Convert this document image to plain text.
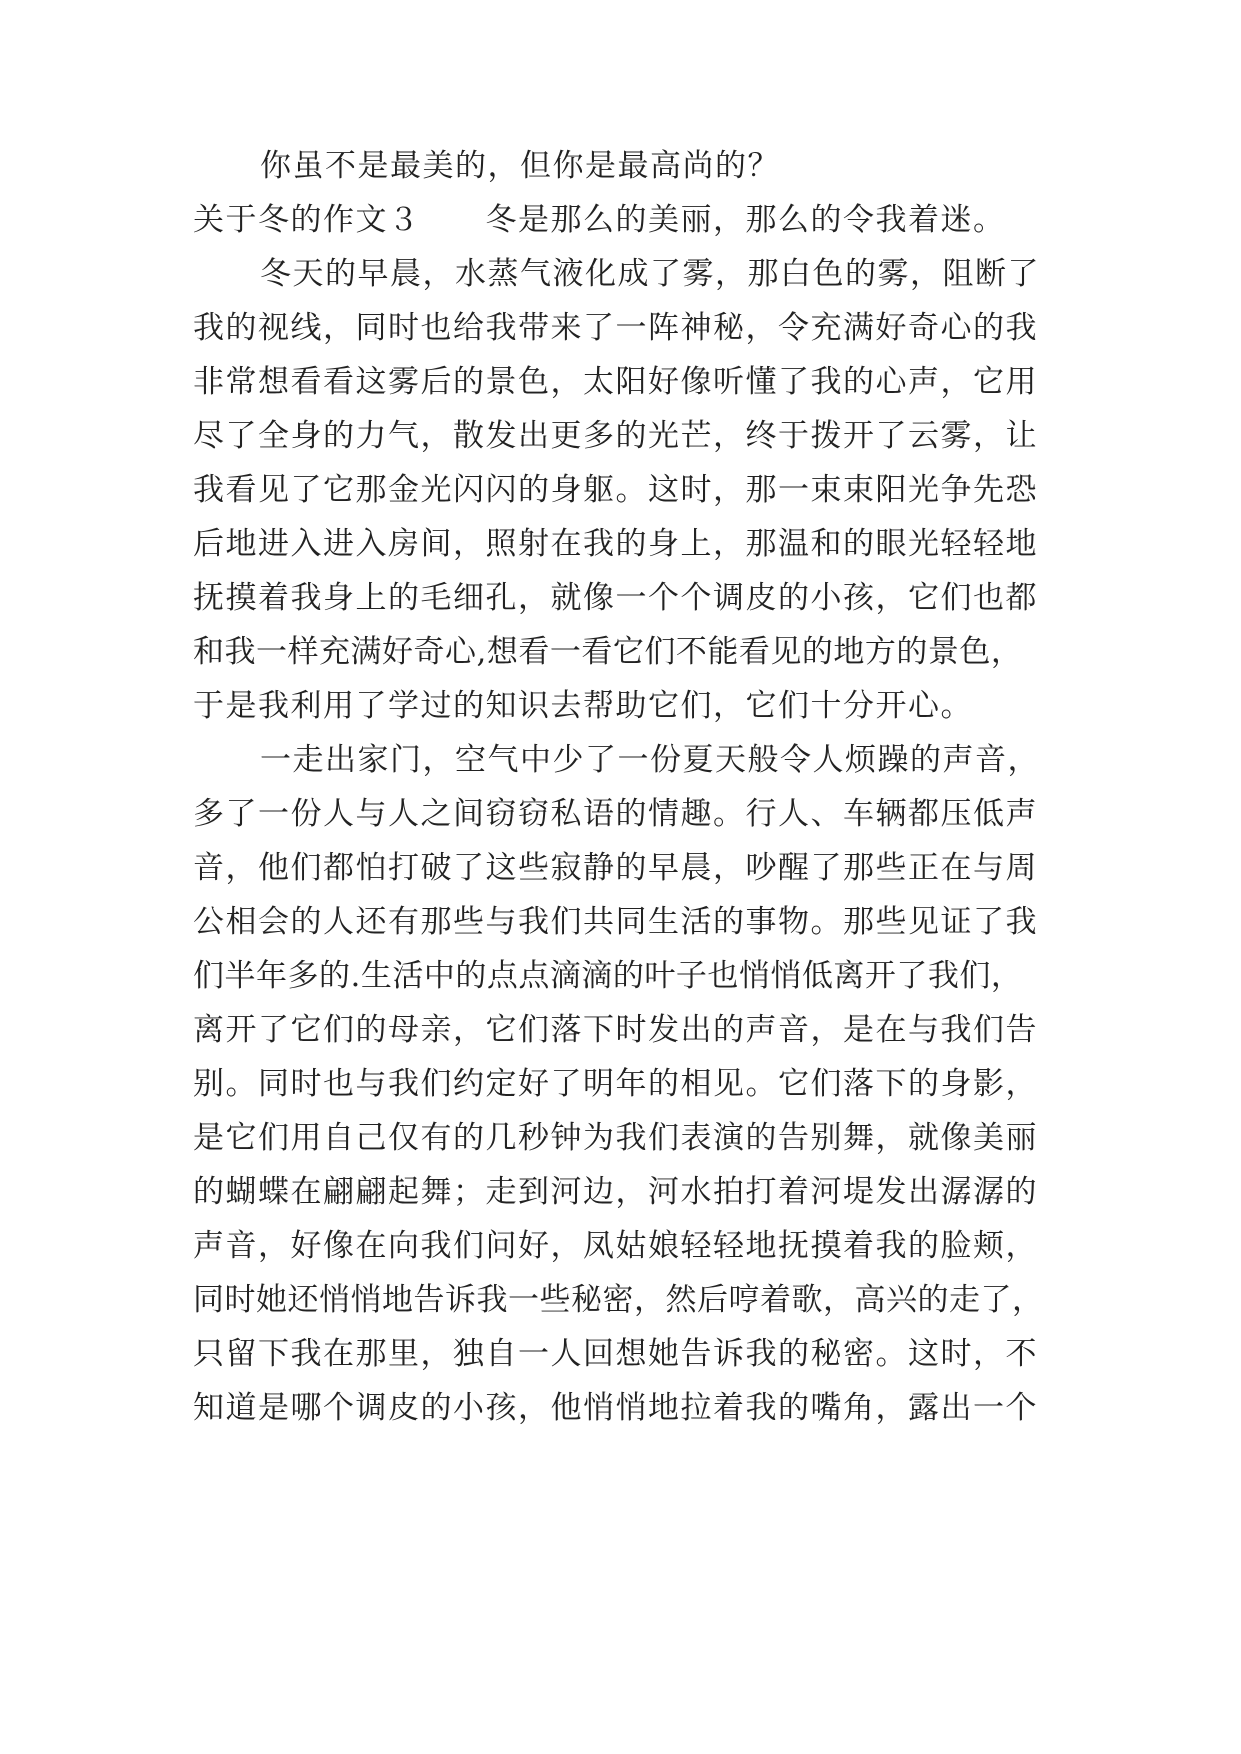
你虽不是最美的，但你是最高尚的？
关于冬的作文３　　冬是那么的美丽，那么的令我着迷。
冬天的早晨，水蒸气液化成了雾，那白色的雾，阻断了
我的视线，同时也给我带来了一阵神秘，令充满好奇心的我
非常想看看这雾后的景色，太阳好像听懂了我的心声，它用
尽了全身的力气，散发出更多的光芒，终于拨开了云雾，让
我看见了它那金光闪闪的身躯。这时，那一束束阳光争先恐
后地进入进入房间，照射在我的身上，那温和的眼光轻轻地
抚摸着我身上的毛细孔，就像一个个调皮的小孩，它们也都
和我一样充满好奇心,想看一看它们不能看见的地方的景色，
于是我利用了学过的知识去帮助它们，它们十分开心。
一走出家门，空气中少了一份夏天般令人烦躁的声音，
多了一份人与人之间窃窃私语的情趣。行人、车辆都压低声
音，他们都怕打破了这些寂静的早晨，吵醒了那些正在与周
公相会的人还有那些与我们共同生活的事物。那些见证了我
们半年多的.生活中的点点滴滴的叶子也悄悄低离开了我们，
离开了它们的母亲，它们落下时发出的声音，是在与我们告
别。同时也与我们约定好了明年的相见。它们落下的身影，
是它们用自己仅有的几秒钟为我们表演的告别舞，就像美丽
的蝴蝶在翩翩起舞；走到河边，河水拍打着河堤发出潺潺的
声音，好像在向我们问好，凤姑娘轻轻地抚摸着我的脸颊，
同时她还悄悄地告诉我一些秘密，然后哼着歌，高兴的走了，
只留下我在那里，独自一人回想她告诉我的秘密。这时，不
知道是哪个调皮的小孩，他悄悄地拉着我的嘴角，露出一个
